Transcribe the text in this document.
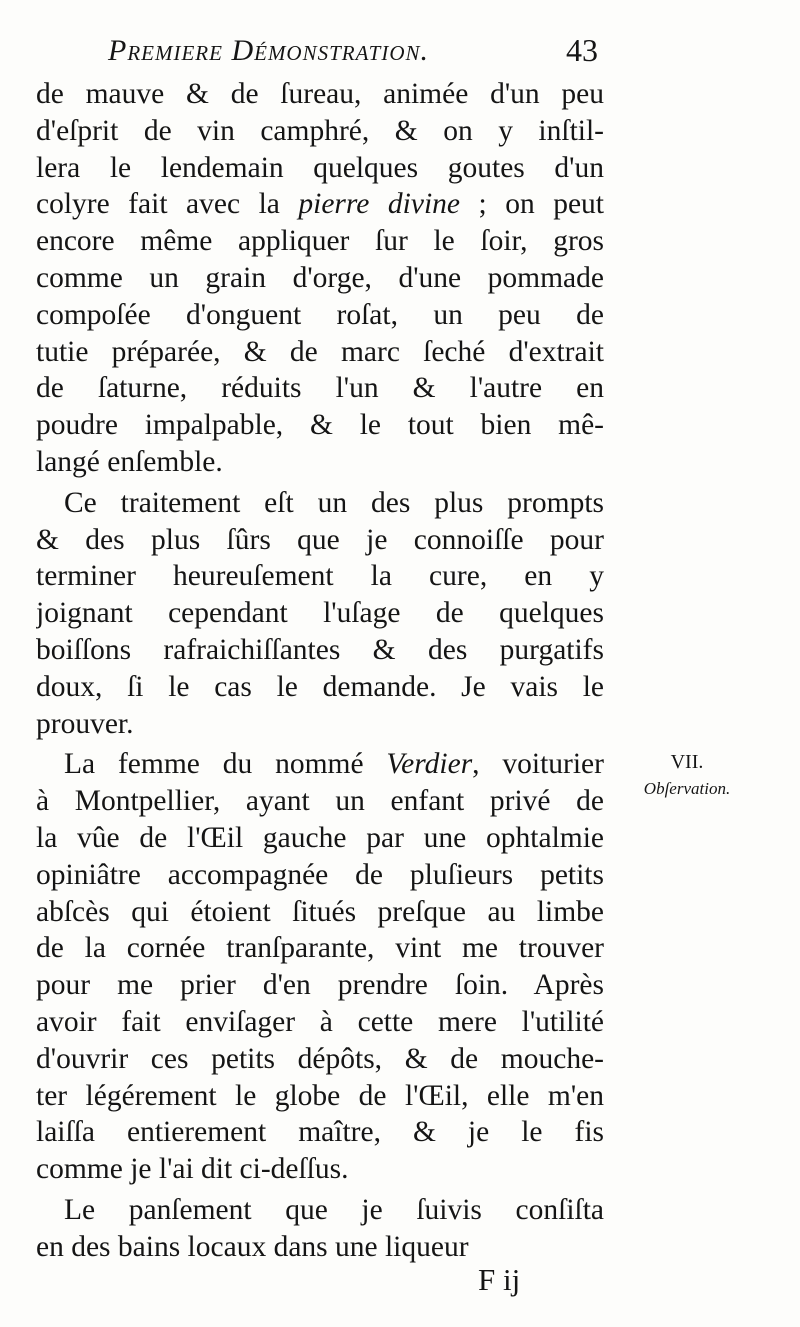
Premiere Démonstration.	43
de mauve & de ſureau, animée d'un peu
d'eſprit de vin camphré, & on y inſtil-
lera le lendemain quelques goutes d'un
colyre fait avec la pierre divine ; on peut
encore même appliquer ſur le ſoir, gros
comme un grain d'orge, d'une pommade
compoſée d'onguent roſat, un peu de
tutie préparée, & de marc ſeché d'extrait
de ſaturne, réduits l'un & l'autre en
poudre impalpable, & le tout bien mê-
langé enſemble.
Ce traitement eſt un des plus prompts
& des plus ſûrs que je connoiſſe pour
terminer heureuſement la cure, en y
joignant cependant l'uſage de quelques
boiſſons rafraichiſſantes & des purgatifs
doux, ſi le cas le demande. Je vais le
prouver.
La femme du nommé Verdier, voiturier
à Montpellier, ayant un enfant privé de
la vûe de l'Œil gauche par une ophtalmie
opiniâtre accompagnée de pluſieurs petits
abſcès qui étoient ſitués preſque au limbe
de la cornée tranſparante, vint me trouver
pour me prier d'en prendre ſoin. Après
avoir fait enviſager à cette mere l'utilité
d'ouvrir ces petits dépôts, & de mouche-
ter légérement le globe de l'Œil, elle m'en
laiſſa entierement maître, & je le fis
comme je l'ai dit ci-deſſus.
Le panſement que je ſuivis conſiſta
en des bains locaux dans une liqueur
VII.
Obſervation.
F ij
